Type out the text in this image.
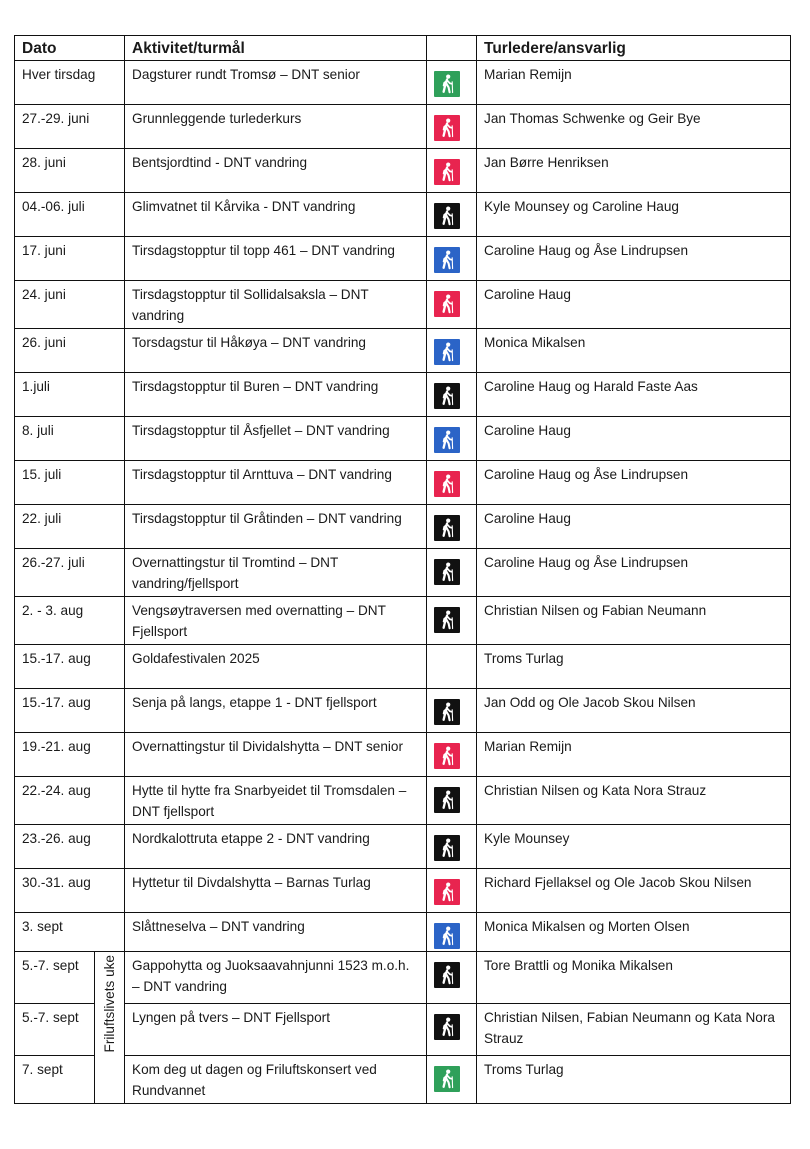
Dato		Aktivitet/turmål		Turledere/ansvarlig
Hver tirsdag		Dagsturer rundt Tromsø – DNT senior		Marian Remijn
27.-29. juni		Grunnleggende turlederkurs		Jan Thomas Schwenke og Geir Bye
28. juni		Bentsjordtind - DNT vandring		Jan Børre Henriksen
04.-06. juli		Glimvatnet til Kårvika - DNT vandring		Kyle Mounsey og Caroline Haug
17. juni		Tirsdagstopptur til topp 461 – DNT vandring		Caroline Haug og Åse Lindrupsen
24. juni		Tirsdagstopptur til Sollidalsaksla – DNT vandring		Caroline Haug
26. juni		Torsdagstur til Håkøya – DNT vandring		Monica Mikalsen
1.juli		Tirsdagstopptur til Buren – DNT vandring		Caroline Haug og Harald Faste Aas
8. juli		Tirsdagstopptur til Åsfjellet – DNT vandring		Caroline Haug
15. juli		Tirsdagstopptur til Arnttuva – DNT vandring		Caroline Haug og Åse Lindrupsen
22. juli		Tirsdagstopptur til Gråtinden – DNT vandring		Caroline Haug
26.-27. juli		Overnattingstur til Tromtind – DNT vandring/fjellsport		Caroline Haug og Åse Lindrupsen
2. - 3. aug		Vengsøytraversen med overnatting – DNT Fjellsport		Christian Nilsen og Fabian Neumann
15.-17. aug		Goldafestivalen 2025		Troms Turlag
15.-17. aug		Senja på langs, etappe 1 - DNT fjellsport		Jan Odd og Ole Jacob Skou Nilsen
19.-21. aug		Overnattingstur til Dividalshytta – DNT senior		Marian Remijn
22.-24. aug		Hytte til hytte fra Snarbyeidet til Tromsdalen – DNT fjellsport		Christian Nilsen og Kata Nora Strauz
23.-26. aug		Nordkalottruta etappe 2 - DNT vandring		Kyle Mounsey
30.-31. aug		Hyttetur til Divdalshytta – Barnas Turlag		Richard Fjellaksel og Ole Jacob Skou Nilsen
3. sept		Slåttneselva – DNT vandring		Monica Mikalsen og Morten Olsen
5.-7. sept	Friluftslivets uke	Gappohytta og Juoksaavahnjunni 1523 m.o.h. – DNT vandring		Tore Brattli og Monika Mikalsen
5.-7. sept		Lyngen på tvers – DNT Fjellsport		Christian Nilsen, Fabian Neumann og Kata Nora Strauz
7. sept		Kom deg ut dagen og Friluftskonsert ved Rundvannet		Troms Turlag
